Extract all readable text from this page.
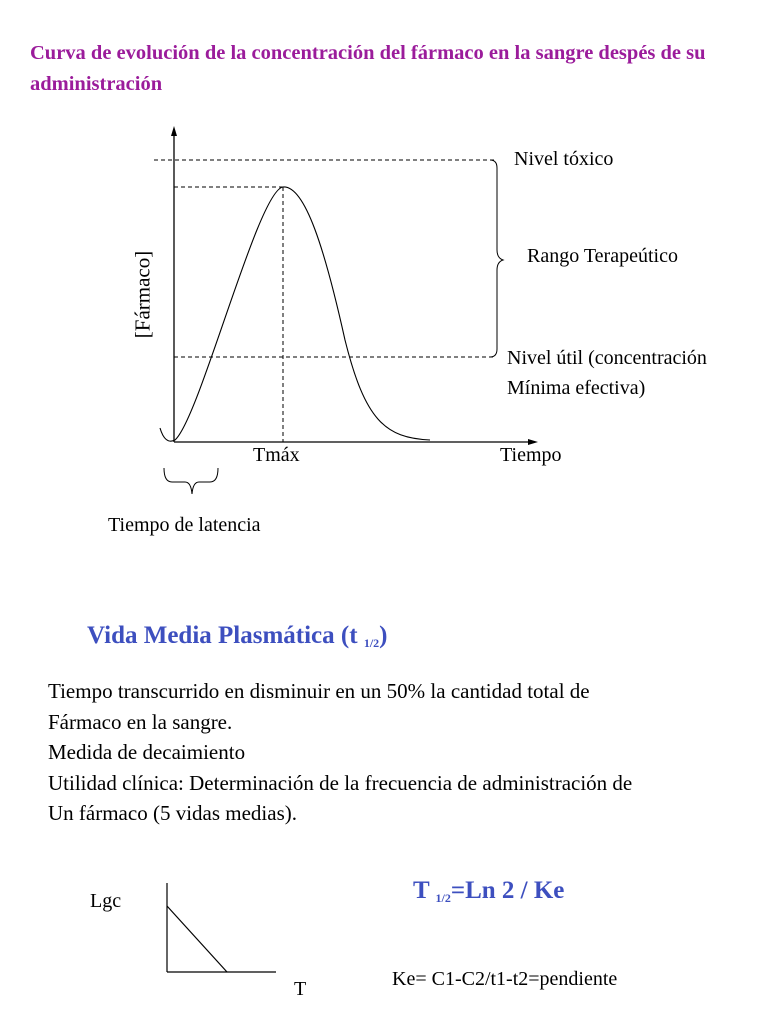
Curva de evolución de la concentración del fármaco en la sangre despés de su administración
[Fármaco]
Nivel tóxico
Rango Terapeútico
Nivel útil (concentración
Mínima efectiva)
Tmáx	Tiempo
Tiempo de latencia
Vida Media Plasmática (t $_{1/2}$)
Tiempo transcurrido en disminuir en un 50% la cantidad total de
Fármaco en la sangre.
Medida de decaimiento
Utilidad clínica: Determinación de la frecuencia de administración de
Un fármaco (5 vidas medias).
Lgc
T
T $_{1/2}$=Ln 2 / Ke
Ke= C1-C2/t1-t2=pendiente
